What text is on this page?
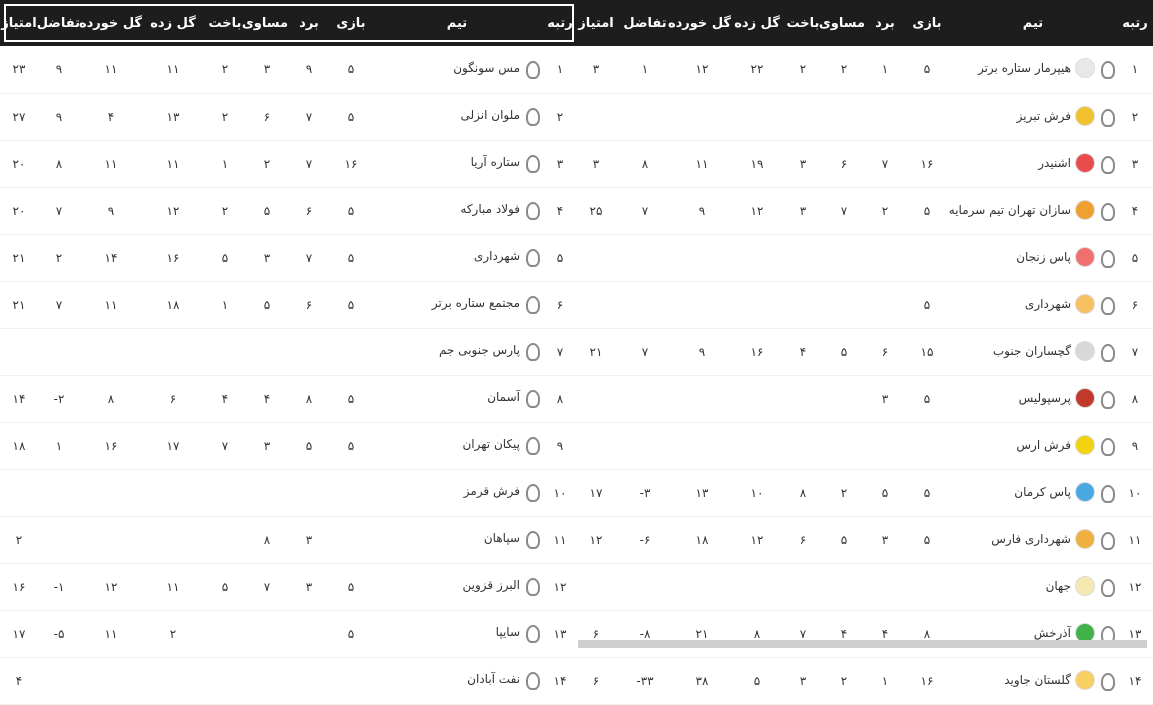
رتبه	تیم	بازی	برد	مساوی	باخت	گل زده	گل خورده	تفاضل	امتیاز
۱	مس سونگون	۵	۹	۳	۲	۱۱	۱۱	۹	۲۳
۲	ملوان انزلی	۵	۷	۶	۲	۱۳	۴	۹	۲۷
۳	ستاره آریا	۱۶	۷	۲	۱	۱۱	۱۱	۸	۲۰
۴	فولاد مبارکه	۵	۶	۵	۲	۱۲	۹	۷	۲۰
۵	شهرداری	۵	۷	۳	۵	۱۶	۱۴	۲	۲۱
۶	مجتمع ستاره برتر	۵	۶	۵	۱	۱۸	۱۱	۷	۲۱
۷	پارس جنوبی جم								

۸	آسمان	۵	۸	۴	۴	۶	۸	۲-	۱۴
۹	پیکان تهران	۵	۵	۳	۷	۱۷	۱۶	۱	۱۸
۱۰	فرش قرمز								

۱۱	سپاهان		۳	۸					۲
۱۲	البرز قزوین	۵	۳	۷	۵	۱۱	۱۲	۱-	۱۶
۱۳	سایپا	۵				۲	۱۱	۵-	۱۷
۱۴	نفت آبادان								۴
رتبه	تیم	بازی	برد	مساوی	باخت	گل زده	گل خورده	تفاضل	امتیاز
۱	هیپرمار ستاره برتر	۵	۱	۲	۲	۲۲	۱۲	۱	۳
۲	فرش تبریز								

۳	اشنیدر	۱۶	۷	۶	۳	۱۹	۱۱	۸	۳
۴	سازان تهران تیم سرمایه	۵	۲	۷	۳	۱۲	۹	۷	۲۵
۵	پاس زنجان								

۶	شهرداری	۵							
۷	گچساران جنوب	۱۵	۶	۵	۴	۱۶	۹	۷	۲۱
۸	پرسپولیس	۵	۳						
۹	فرش ارس								

۱۰	پاس کرمان	۵	۵	۲	۸	۱۰	۱۳	۳-	۱۷
۱۱	شهرداری فارس	۵	۳	۵	۶	۱۲	۱۸	۶-	۱۲
۱۲	جهان								

۱۳	آذرخش	۸	۴	۴	۷	۸	۲۱	۸-	۶
۱۴	گلستان جاوید	۱۶	۱	۲	۳	۵	۳۸	۳۳-	۶
